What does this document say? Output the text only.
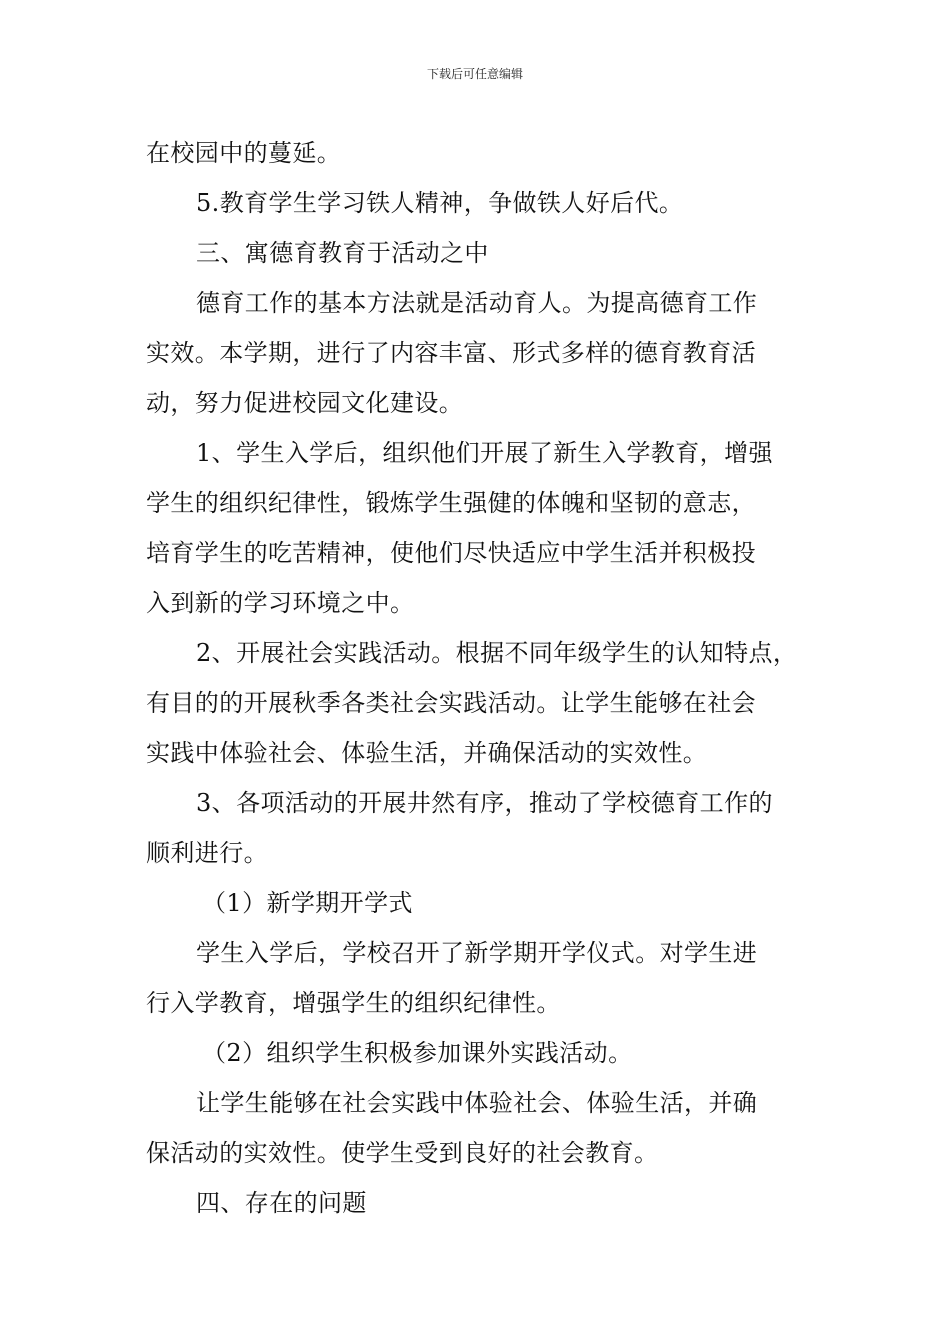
下载后可任意编辑
在校园中的蔓延。
5.教育学生学习铁人精神，争做铁人好后代。
三、寓德育教育于活动之中
德育工作的基本方法就是活动育人。为提高德育工作
实效。本学期，进行了内容丰富、形式多样的德育教育活
动，努力促进校园文化建设。
1、学生入学后，组织他们开展了新生入学教育，增强
学生的组织纪律性，锻炼学生强健的体魄和坚韧的意志，
培育学生的吃苦精神，使他们尽快适应中学生活并积极投
入到新的学习环境之中。
2、开展社会实践活动。根据不同年级学生的认知特点，
有目的的开展秋季各类社会实践活动。让学生能够在社会
实践中体验社会、体验生活，并确保活动的实效性。
3、各项活动的开展井然有序，推动了学校德育工作的
顺利进行。
（1）新学期开学式
学生入学后，学校召开了新学期开学仪式。对学生进
行入学教育，增强学生的组织纪律性。
（2）组织学生积极参加课外实践活动。
让学生能够在社会实践中体验社会、体验生活，并确
保活动的实效性。使学生受到良好的社会教育。
四、存在的问题
